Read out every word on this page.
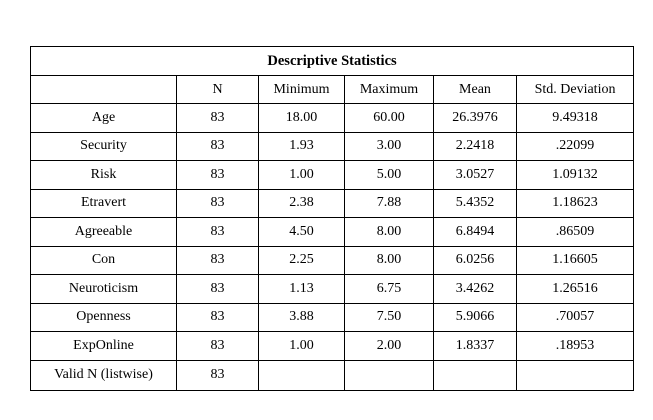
Descriptive Statistics					
	N	Minimum	Maximum	Mean	Std. Deviation
Age	83	18.00	60.00	26.3976	9.49318
Security	83	1.93	3.00	2.2418	.22099
Risk	83	1.00	5.00	3.0527	1.09132
Etravert	83	2.38	7.88	5.4352	1.18623
Agreeable	83	4.50	8.00	6.8494	.86509
Con	83	2.25	8.00	6.0256	1.16605
Neuroticism	83	1.13	6.75	3.4262	1.26516
Openness	83	3.88	7.50	5.9066	.70057
ExpOnline	83	1.00	2.00	1.8337	.18953
Valid N (listwise)	83				
